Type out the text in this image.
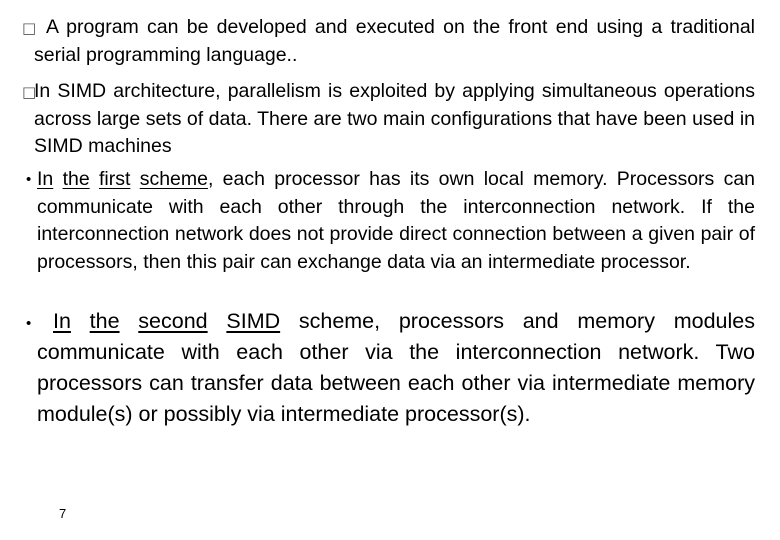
□ A program can be developed and executed on the front end using a traditional serial programming language..
□
In SIMD architecture, parallelism is exploited by applying simultaneous operations across large sets of data. There are two main configurations that have been used in SIMD machines
• In the first scheme, each processor has its own local memory. Processors can communicate with each other through the interconnection network. If the interconnection network does not provide direct connection between a given pair of processors, then this pair can exchange data via an intermediate processor.
•	In the second SIMD scheme, processors and memory modules communicate with each other via the interconnection network. Two processors can transfer data between each other via intermediate memory module(s) or possibly via intermediate processor(s).
7
